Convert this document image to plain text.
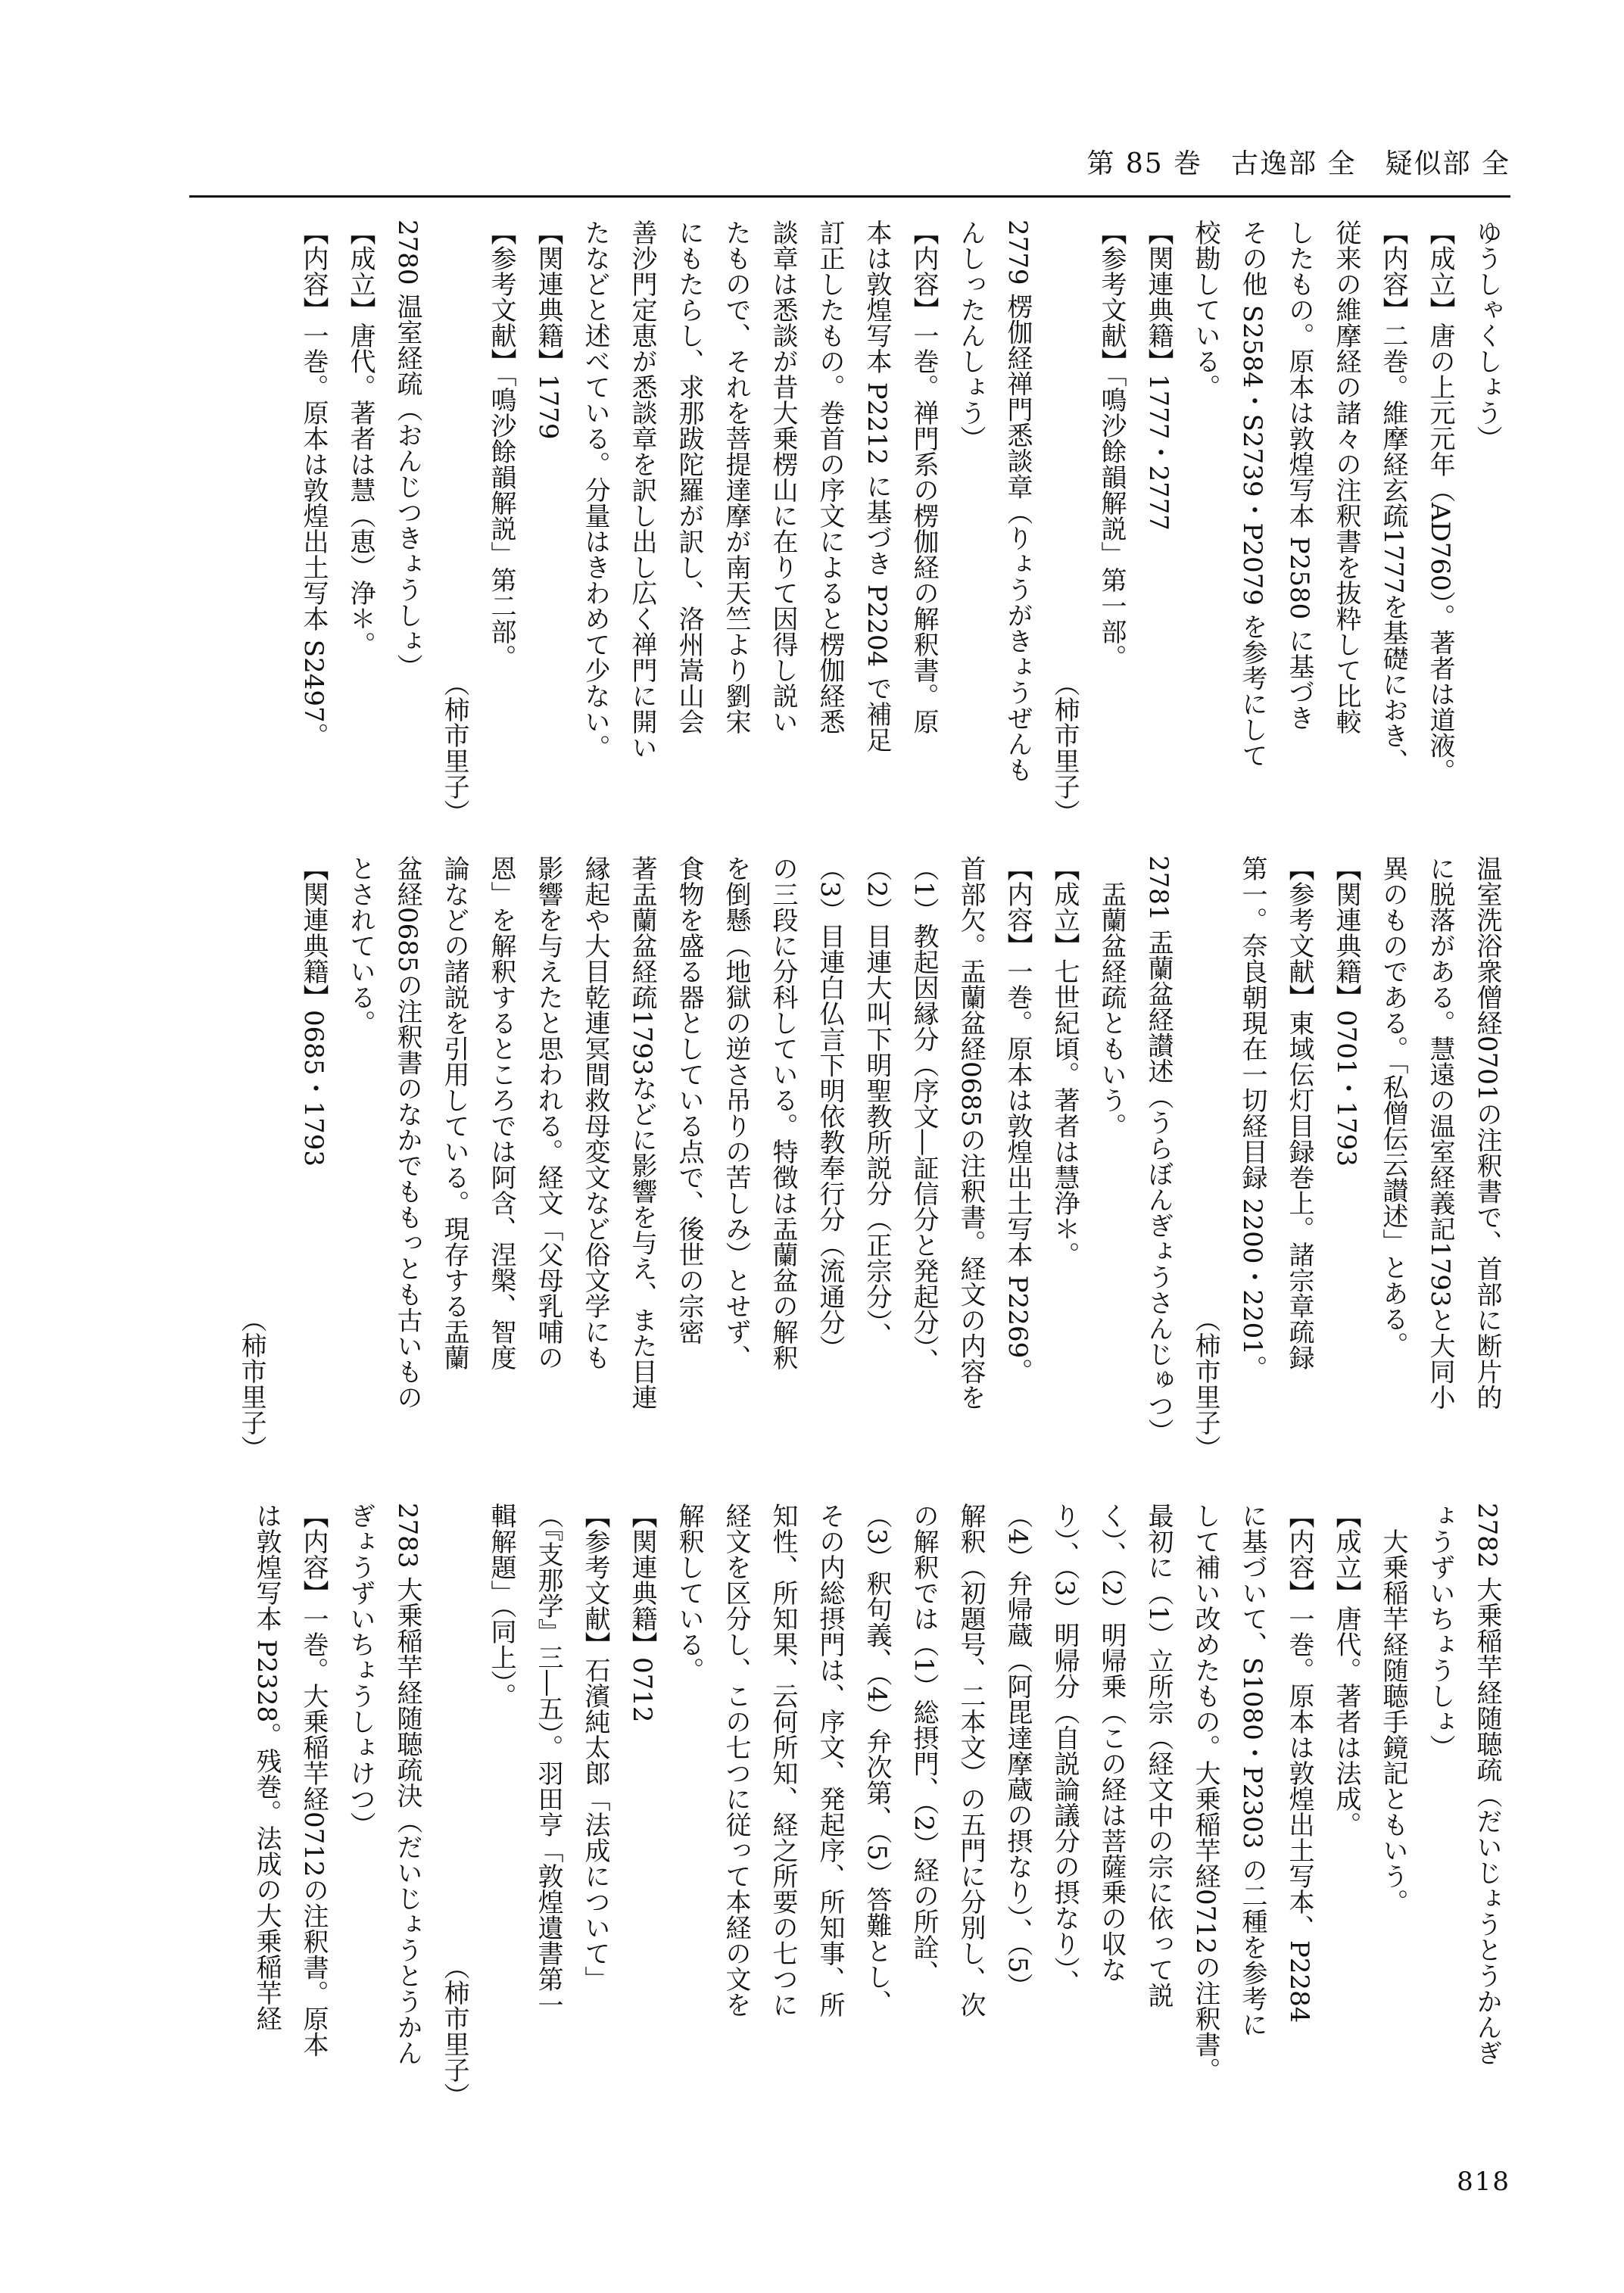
第 85 巻　古逸部 全　疑似部 全
ゆうしゃくしょう）
【成立】唐の上元元年（AD760）。著者は道液。
【内容】二巻。維摩経玄疏1777を基礎におき、
従来の維摩経の諸々の注釈書を抜粋して比較
したもの。原本は敦煌写本 P2580 に基づき
その他 S2584・S2739・P2079 を参考にして
校勘している。
【関連典籍】1777・2777
【参考文献】「鳴沙餘韻解説」第一部。
（柿市里子）
2779 楞伽経禅門悉談章（りょうがきょうぜんも
んしったんしょう）
【内容】一巻。禅門系の楞伽経の解釈書。原
本は敦煌写本 P2212 に基づき P2204 で補足
訂正したもの。巻首の序文によると楞伽経悉
談章は悉談が昔大乗楞山に在りて因得し説い
たもので、それを菩提達摩が南天竺より劉宋
にもたらし、求那跋陀羅が訳し、洛州嵩山会
善沙門定恵が悉談章を訳し出し広く禅門に開い
たなどと述べている。分量はきわめて少ない。
【関連典籍】1779
【参考文献】「鳴沙餘韻解説」第二部。
（柿市里子）
2780 温室経疏（おんじつきょうしょ）
【成立】唐代。著者は慧（恵）浄＊。
【内容】一巻。原本は敦煌出土写本 S2497。
温室洗浴衆僧経0701の注釈書で、首部に断片的
に脱落がある。慧遠の温室経義記1793と大同小
異のものである。「私僧伝云讃述」とある。
【関連典籍】0701・1793
【参考文献】東域伝灯目録巻上。諸宗章疏録
第一。奈良朝現在一切経目録 2200・2201。
（柿市里子）
2781 盂蘭盆経讃述（うらぼんぎょうさんじゅつ）
盂蘭盆経疏ともいう。
【成立】七世紀頃。著者は慧浄＊。
【内容】一巻。原本は敦煌出土写本 P2269。
首部欠。盂蘭盆経0685の注釈書。経文の内容を
（1）教起因縁分（序文―証信分と発起分）、
（2）目連大叫下明聖教所説分（正宗分）、
（3）目連白仏言下明依教奉行分（流通分）
の三段に分科している。特徴は盂蘭盆の解釈
を倒懸（地獄の逆さ吊りの苦しみ）とせず、
食物を盛る器としている点で、後世の宗密
著盂蘭盆経疏1793などに影響を与え、また目連
縁起や大目乾連冥間救母変文など俗文学にも
影響を与えたと思われる。経文「父母乳哺の
恩」を解釈するところでは阿含、涅槃、智度
論などの諸説を引用している。現存する盂蘭
盆経0685の注釈書のなかでももっとも古いもの
とされている。
【関連典籍】0685・1793
（柿市里子）
2782 大乗稲芉経随聴疏（だいじょうとうかんぎ
ょうずいちょうしょ）
大乗稲芉経随聴手鏡記ともいう。
【成立】唐代。著者は法成。
【内容】一巻。原本は敦煌出土写本、P2284
に基づいて、S1080・P2303 の二種を参考に
して補い改めたもの。大乗稲芉経0712の注釈書。
最初に（1）立所宗（経文中の宗に依って説
く）、（2）明帰乗（この経は菩薩乗の収な
り）、（3）明帰分（自説論議分の摂なり）、
（4）弁帰蔵（阿毘達摩蔵の摂なり）、（5）
解釈（初題号、二本文）の五門に分別し、次
の解釈では（1）総摂門、（2）経の所詮、
（3）釈句義、（4）弁次第、（5）答難とし、
その内総摂門は、序文、発起序、所知事、所
知性、所知果、云何所知、経之所要の七つに
経文を区分し、この七つに従って本経の文を
解釈している。
【関連典籍】0712
【参考文献】石濱純太郎「法成について」
（『支那学』三―五）。羽田亨「敦煌遺書第一
輯解題」（同上）。
（柿市里子）
2783 大乗稲芉経随聴疏決（だいじょうとうかん
ぎょうずいちょうしょけつ）
【内容】一巻。大乗稲芉経0712の注釈書。原本
は敦煌写本 P2328。残巻。法成の大乗稲芉経
818
